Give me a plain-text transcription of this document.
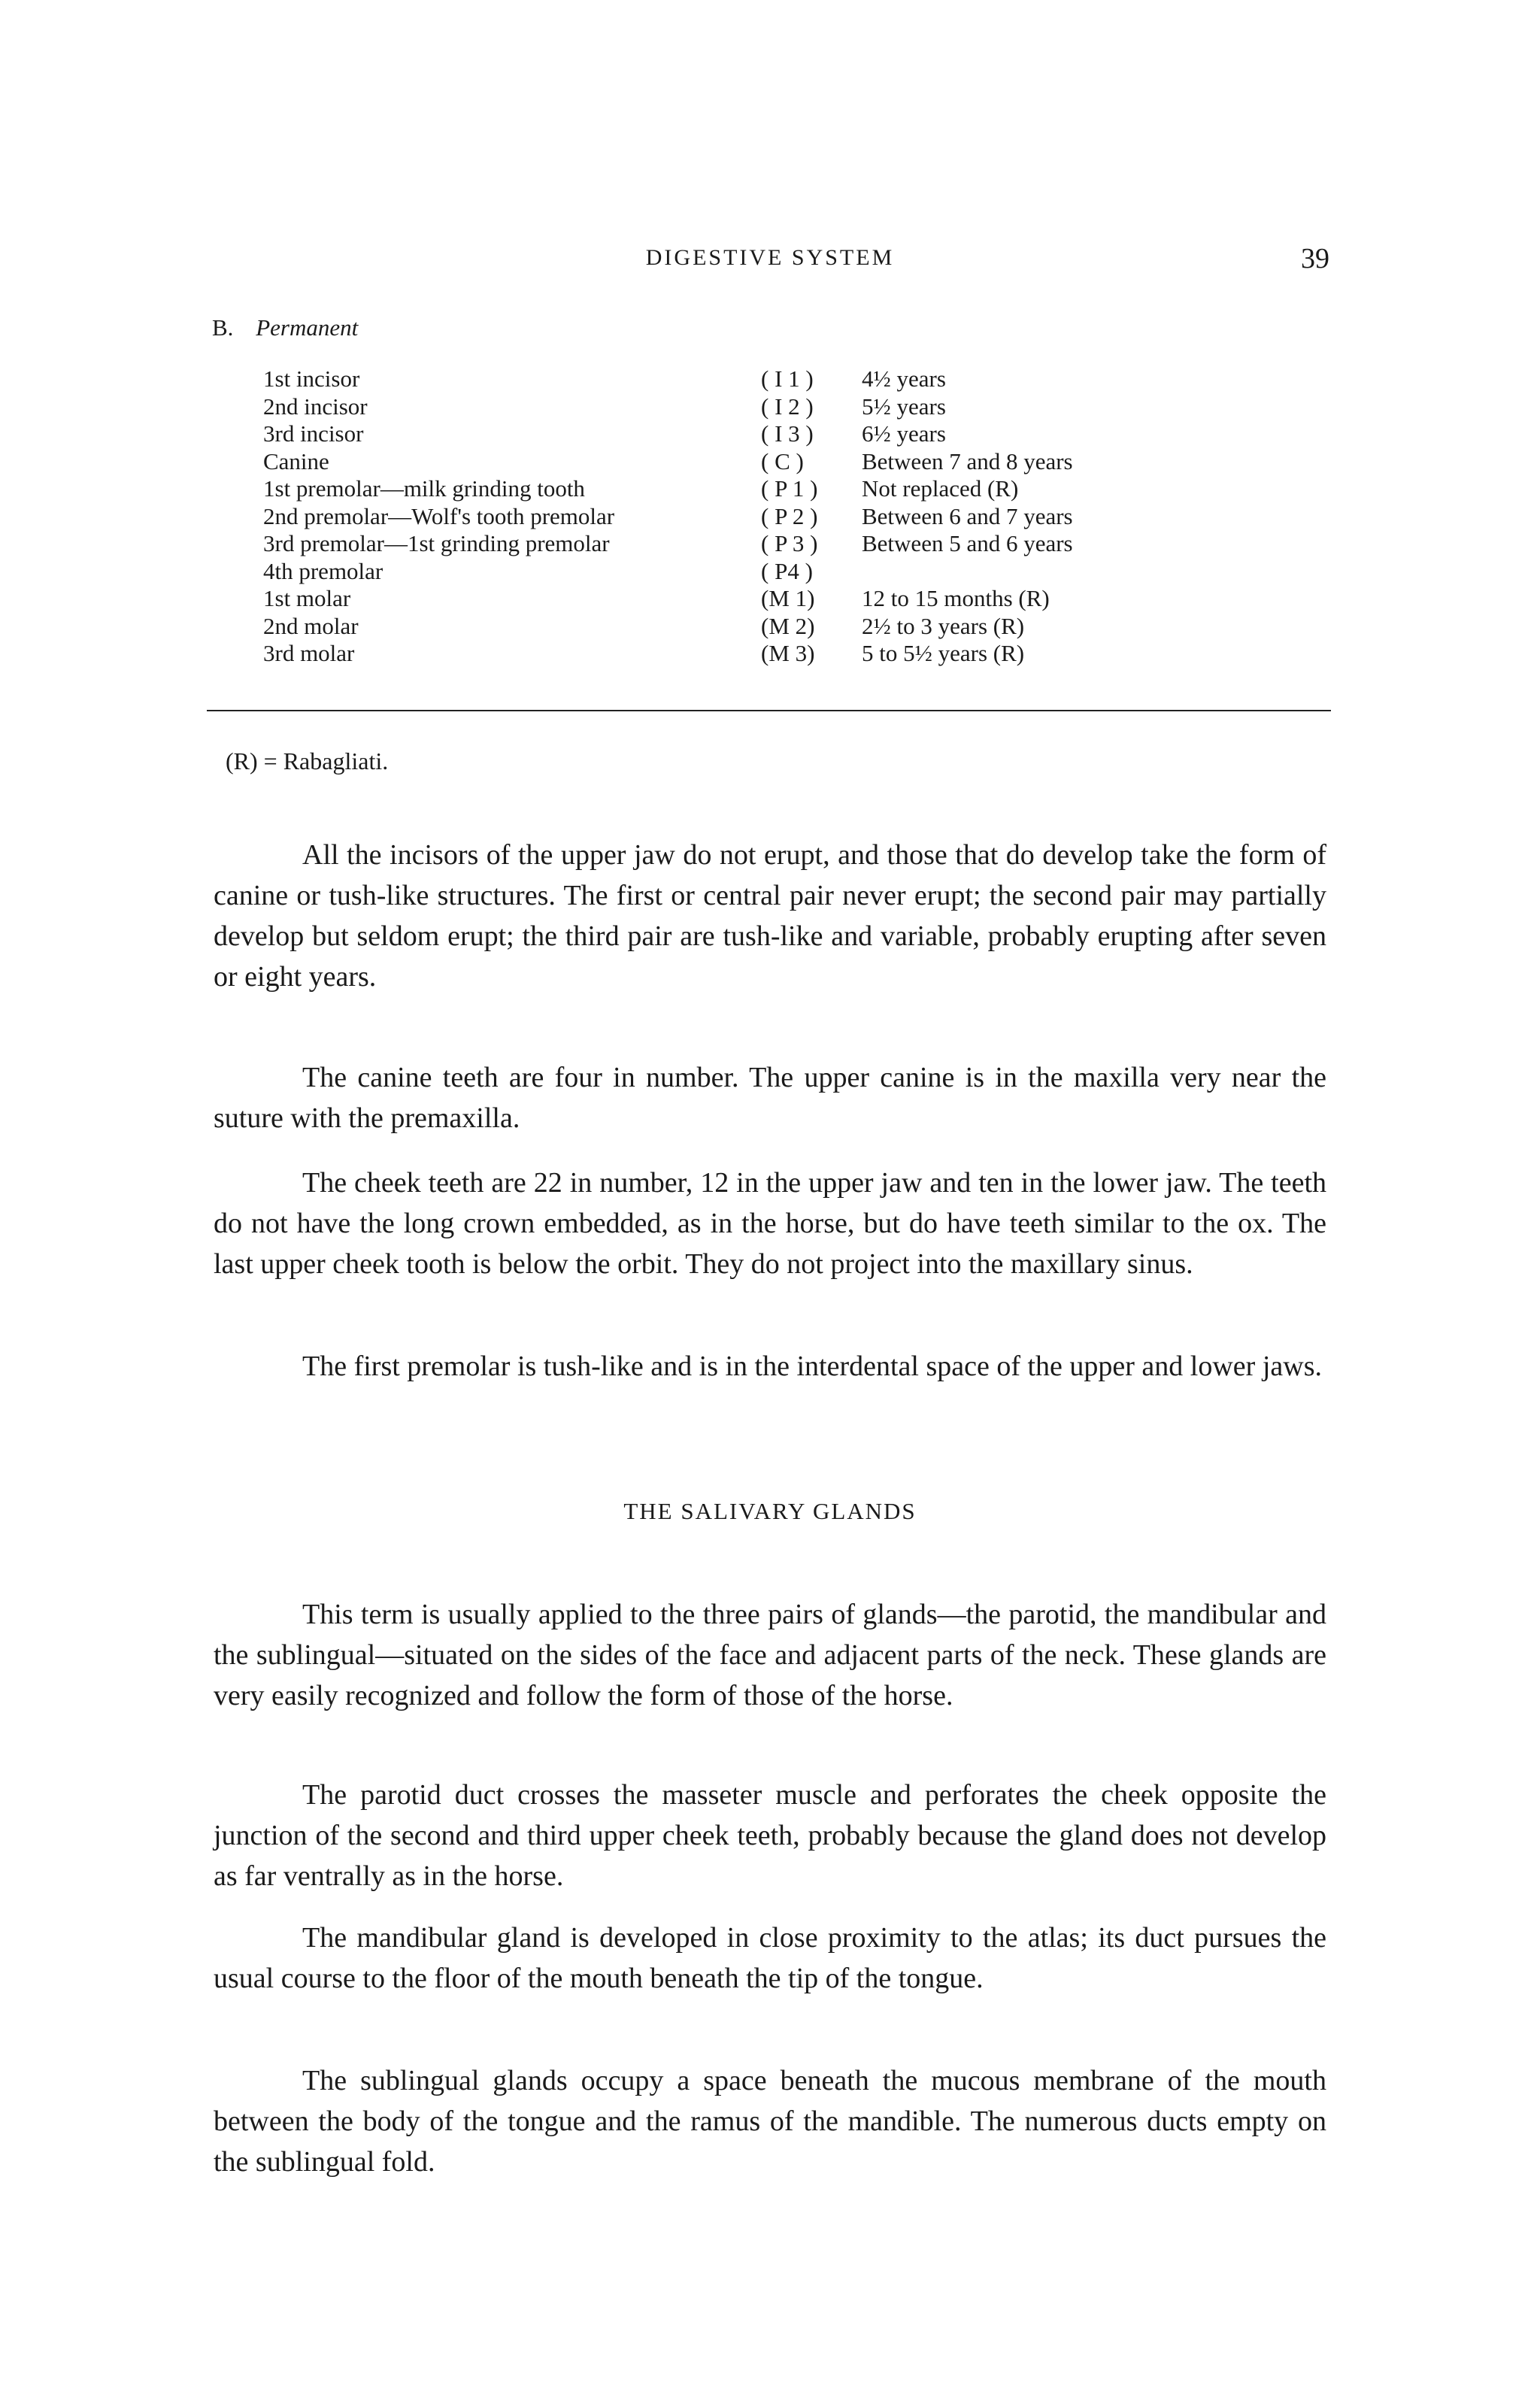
DIGESTIVE SYSTEM	39
B. Permanent
1st incisor	( I 1 ) 4½ years
2nd incisor	( I 2 ) 5½ years
3rd incisor	( I 3 ) 6½ years
Canine	( C ) Between 7 and 8 years
1st premolar—milk grinding tooth	( P 1 ) Not replaced (R)
2nd premolar—Wolf's tooth premolar	( P 2 ) Between 6 and 7 years
3rd premolar—1st grinding premolar	( P 3 ) Between 5 and 6 years
4th premolar	( P4 )
1st molar	(M 1) 12 to 15 months (R)
2nd molar	(M 2) 2½ to 3 years (R)
3rd molar	(M 3) 5 to 5½ years (R)
(R) = Rabagliati.

All the incisors of the upper jaw do not erupt, and those that do develop take the form of canine or tush-like structures. The first or central pair never erupt; the second pair may partially develop but seldom erupt; the third pair are tush-like and variable, probably erupting after seven or eight years.

The canine teeth are four in number. The upper canine is in the maxilla very near the suture with the premaxilla.

The cheek teeth are 22 in number, 12 in the upper jaw and ten in the lower jaw. The teeth do not have the long crown embedded, as in the horse, but do have teeth similar to the ox. The last upper cheek tooth is below the orbit. They do not project into the maxillary sinus.

The first premolar is tush-like and is in the interdental space of the upper and lower jaws.

THE SALIVARY GLANDS

This term is usually applied to the three pairs of glands—the parotid, the mandibular and the sublingual—situated on the sides of the face and adjacent parts of the neck. These glands are very easily recognized and follow the form of those of the horse.

The parotid duct crosses the masseter muscle and perforates the cheek opposite the junction of the second and third upper cheek teeth, probably because the gland does not develop as far ventrally as in the horse.

The mandibular gland is developed in close proximity to the atlas; its duct pursues the usual course to the floor of the mouth beneath the tip of the tongue.

The sublingual glands occupy a space beneath the mucous membrane of the mouth between the body of the tongue and the ramus of the mandible. The numerous ducts empty on the sublingual fold.
